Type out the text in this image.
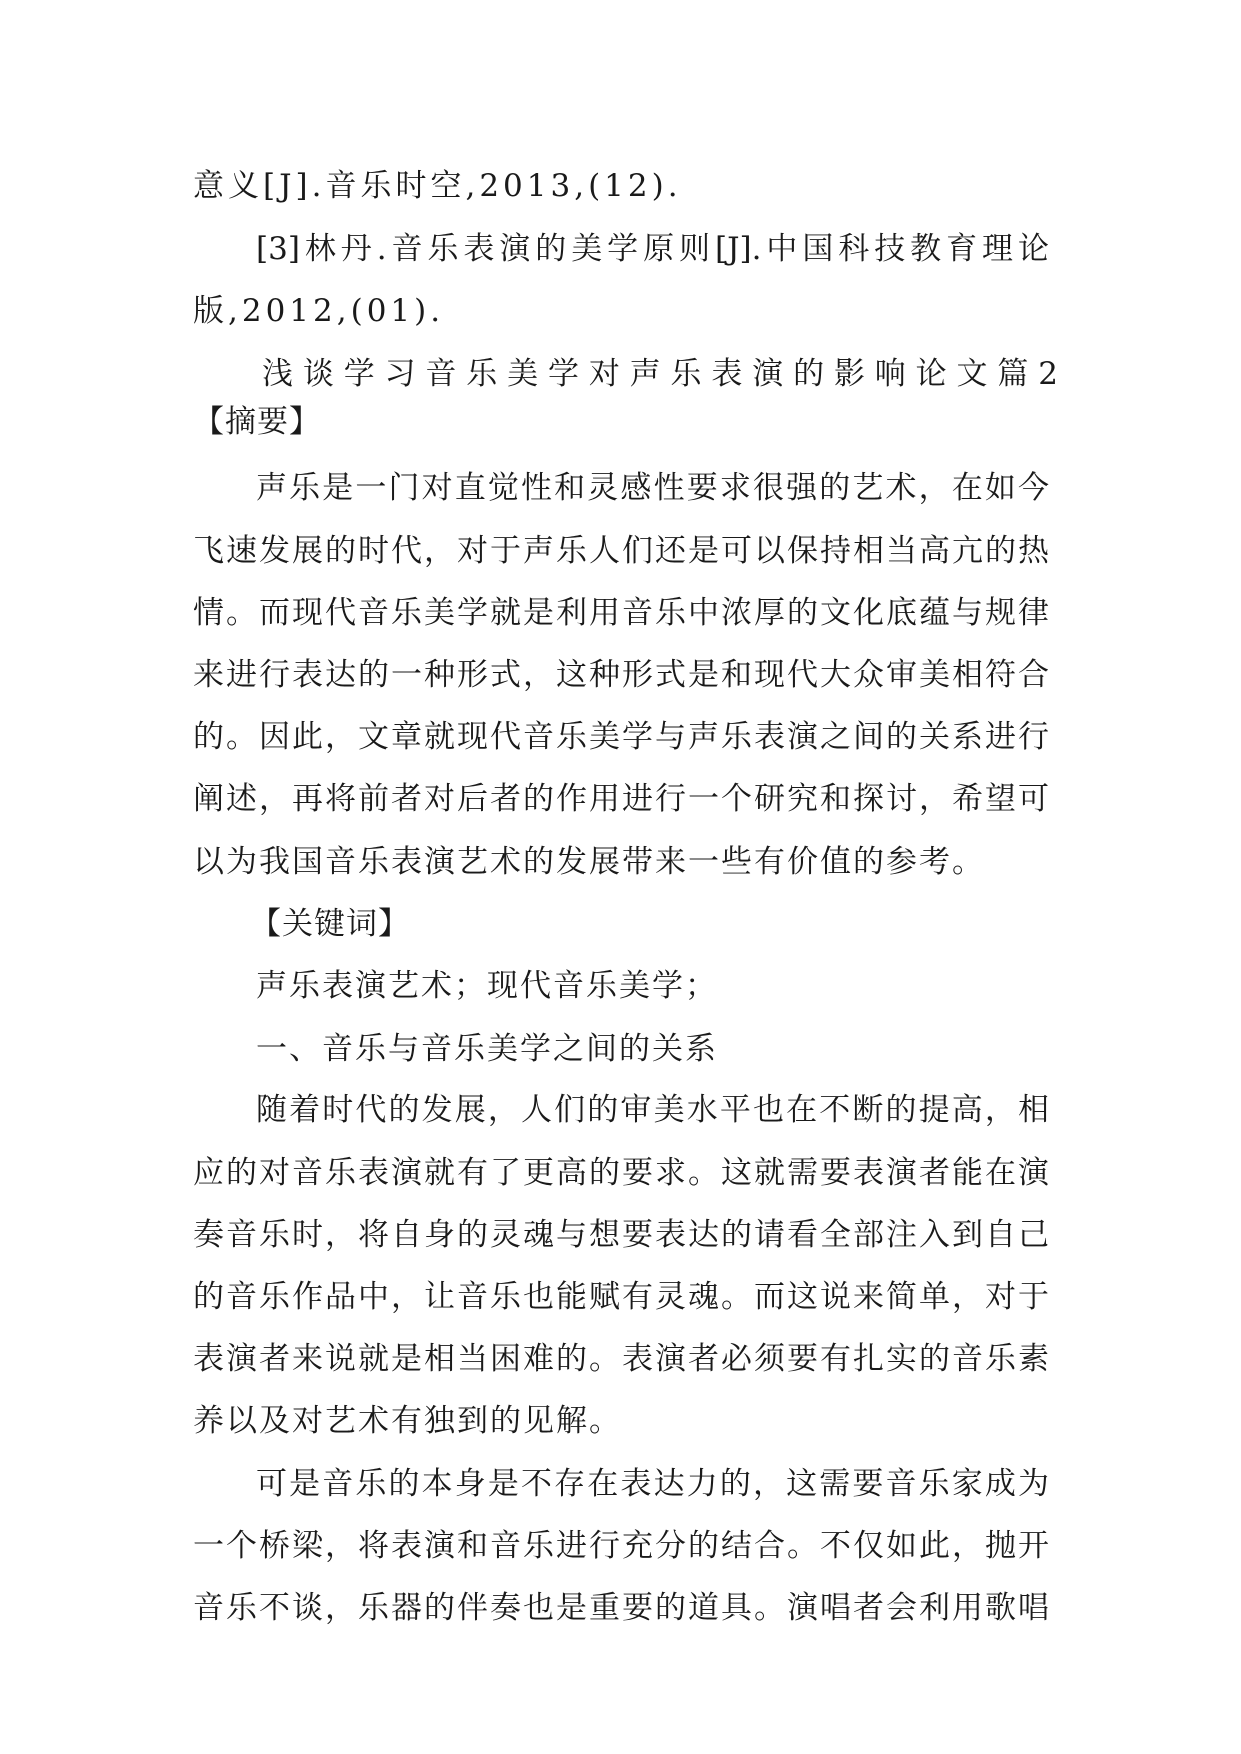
意义[J].音乐时空,2013,(12).
[3]林丹.音乐表演的美学原则[J].中国科技教育理论
版,2012,(01).
浅 谈 学 习 音 乐 美 学 对 声 乐 表 演 的 影 响 论 文 篇 2
【摘要】
声乐是一门对直觉性和灵感性要求很强的艺术，在如今
飞速发展的时代，对于声乐人们还是可以保持相当高亢的热
情。而现代音乐美学就是利用音乐中浓厚的文化底蕴与规律
来进行表达的一种形式，这种形式是和现代大众审美相符合
的。因此，文章就现代音乐美学与声乐表演之间的关系进行
阐述，再将前者对后者的作用进行一个研究和探讨，希望可
以为我国音乐表演艺术的发展带来一些有价值的参考。
【关键词】
声乐表演艺术；现代音乐美学；
一、音乐与音乐美学之间的关系
随着时代的发展，人们的审美水平也在不断的提高，相
应的对音乐表演就有了更高的要求。这就需要表演者能在演
奏音乐时，将自身的灵魂与想要表达的请看全部注入到自己
的音乐作品中，让音乐也能赋有灵魂。而这说来简单，对于
表演者来说就是相当困难的。表演者必须要有扎实的音乐素
养以及对艺术有独到的见解。
可是音乐的本身是不存在表达力的，这需要音乐家成为
一个桥梁，将表演和音乐进行充分的结合。不仅如此，抛开
音乐不谈，乐器的伴奏也是重要的道具。演唱者会利用歌唱
